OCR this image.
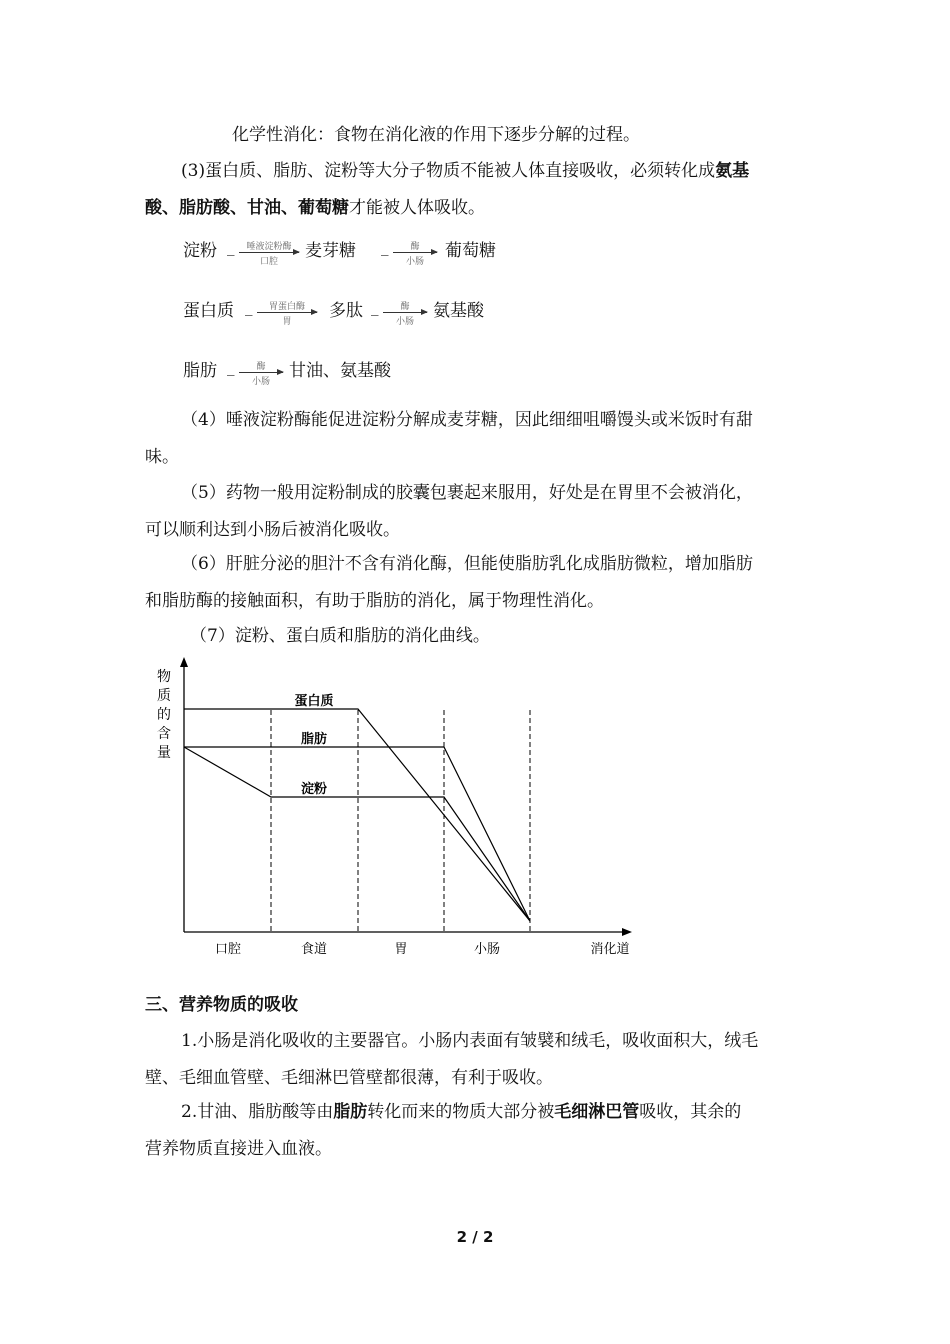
化学性消化：食物在消化液的作用下逐步分解的过程。
(3)蛋白质、脂肪、淀粉等大分子物质不能被人体直接吸收，必须转化成氨基
酸、脂肪酸、甘油、葡萄糖才能被人体吸收。
淀粉 _	唾液淀粉酶
口腔
麦芽糖 _	酶
小肠
葡萄糖
蛋白质 _	胃蛋白酶
胃
多肽 _	酶
小肠
氨基酸
脂肪 _	酶
小肠
甘油、氨基酸
（4）唾液淀粉酶能促进淀粉分解成麦芽糖，因此细细咀嚼馒头或米饭时有甜
味。
（5）药物一般用淀粉制成的胶囊包裹起来服用，好处是在胃里不会被消化，
可以顺利达到小肠后被消化吸收。
（6）肝脏分泌的胆汁不含有消化酶，但能使脂肪乳化成脂肪微粒，增加脂肪
和脂肪酶的接触面积，有助于脂肪的消化，属于物理性消化。
（7）淀粉、蛋白质和脂肪的消化曲线。
物
质
的
含
量
蛋白质
脂肪
淀粉
口腔	食道	胃	小肠	消化道
三、营养物质的吸收
1.小肠是消化吸收的主要器官。小肠内表面有皱襞和绒毛，吸收面积大，绒毛
壁、毛细血管壁、毛细淋巴管壁都很薄，有利于吸收。
2.甘油、脂肪酸等由脂肪转化而来的物质大部分被毛细淋巴管吸收，其余的
营养物质直接进入血液。
2 / 2
